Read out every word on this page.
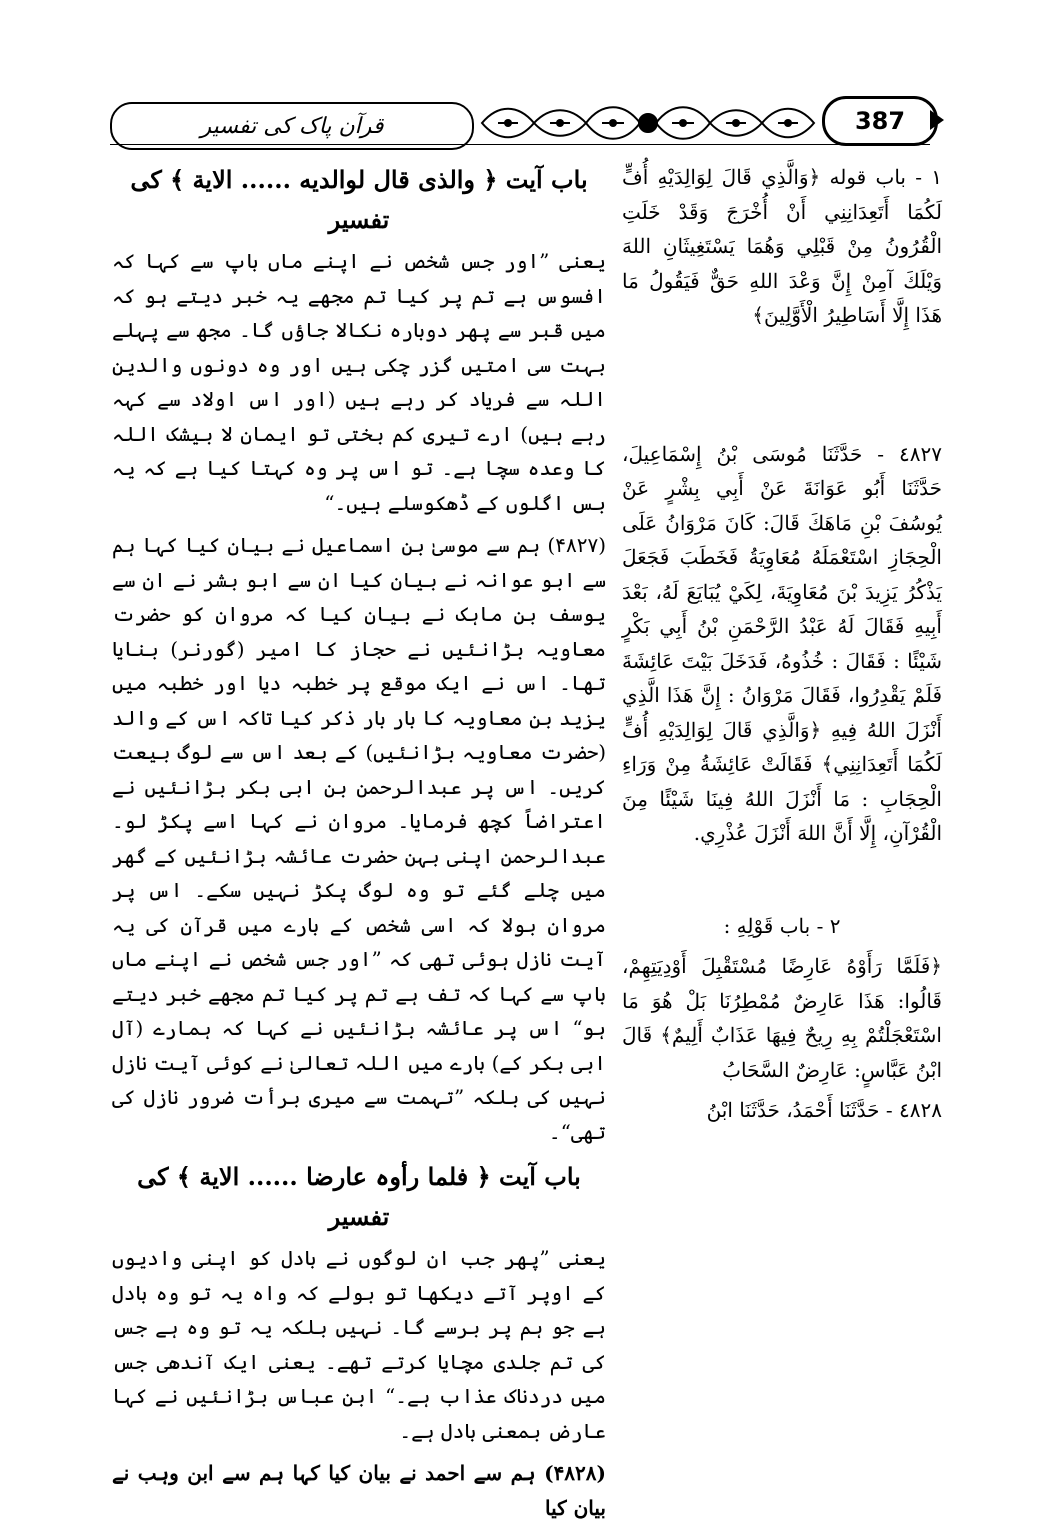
قرآن پاک کی تفسیر	387
باب آیت ﴿ والذی قال لوالدیه ...... الایة ﴾ کی تفسیر

یعنی ”اور جس شخص نے اپنے ماں باپ سے کہا کہ افسوس ہے تم پر کیا تم مجھے یہ خبر دیتے ہو کہ میں قبر سے پھر دوبارہ نکالا جاؤں گا۔ مجھ سے پہلے بہت سی امتیں گزر چکی ہیں اور وہ دونوں والدین اللہ سے فریاد کر رہے ہیں (اور اس اولاد سے کہہ رہے ہیں) ارے تیری کم بختی تو ایمان لا بیشک اللہ کا وعدہ سچا ہے۔ تو اس پر وہ کہتا کیا ہے کہ یہ بس اگلوں کے ڈھکوسلے ہیں۔“

(۴۸۲۷) ہم سے موسیٰ بن اسماعیل نے بیان کیا کہا ہم سے ابو عوانہ نے بیان کیا ان سے ابو بشر نے ان سے یوسف بن ماہک نے بیان کیا کہ مروان کو حضرت معاویہ بڑانئیں نے حجاز کا امیر (گورنر) بنایا تھا۔ اس نے ایک موقع پر خطبہ دیا اور خطبہ میں یزید بن معاویہ کا بار بار ذکر کیا تاکہ اس کے والد (حضرت معاویہ بڑانئیں) کے بعد اس سے لوگ بیعت کریں۔ اس پر عبدالرحمن بن ابی بکر بڑانئیں نے اعتراضاً کچھ فرمایا۔ مروان نے کہا اسے پکڑ لو۔ عبدالرحمن اپنی بہن حضرت عائشہ بڑانئیں کے گھر میں چلے گئے تو وہ لوگ پکڑ نہیں سکے۔ اس پر مروان بولا کہ اسی شخص کے بارے میں قرآن کی یہ آیت نازل ہوئی تھی کہ ”اور جس شخص نے اپنے ماں باپ سے کہا کہ تف ہے تم پر کیا تم مجھے خبر دیتے ہو“ اس پر عائشہ بڑانئیں نے کہا کہ ہمارے (آل ابی بکر کے) بارے میں اللہ تعالیٰ نے کوئی آیت نازل نہیں کی بلکہ ”تہمت سے میری برأت ضرور نازل کی تھی“۔

باب آیت ﴿ فلما رأوہ عارضا ...... الایة ﴾ کی تفسیر

یعنی ”پھر جب ان لوگوں نے بادل کو اپنی وادیوں کے اوپر آتے دیکھا تو بولے کہ واہ یہ تو وہ بادل ہے جو ہم پر برسے گا۔ نہیں بلکہ یہ تو وہ ہے جس کی تم جلدی مچایا کرتے تھے۔ یعنی ایک آندھی جس میں دردناک عذاب ہے۔“ ابن عباس بڑانئیں نے کہا عارض بمعنی بادل ہے۔

(۴۸۲۸) ہم سے احمد نے بیان کیا کہا ہم سے ابن وہب نے بیان کیا

١ - باب قوله ﴿وَالَّذِي قَالَ لِوَالِدَيْهِ أُفٍّ لَكُمَا أَتَعِدَانِنِي أَنْ أُخْرَجَ وَقَدْ خَلَتِ الْقُرُونُ مِنْ قَبْلِي وَهُمَا يَسْتَغِيثَانِ اللهَ وَيْلَكَ آمِنْ إِنَّ وَعْدَ اللهِ حَقٌّ فَيَقُولُ مَا هَذَا إِلَّا أَسَاطِيرُ الْأَوَّلِينَ﴾

٤٨٢٧ - حَدَّثَنَا مُوسَى بْنُ إِسْمَاعِيلَ، حَدَّثَنَا أَبُو عَوَانَةَ عَنْ أَبِي بِشْرٍ عَنْ يُوسُفَ بْنِ مَاهَكَ قَالَ: كَانَ مَرْوَانُ عَلَى الْحِجَازِ اسْتَعْمَلَهُ مُعَاوِيَةُ فَخَطَبَ فَجَعَلَ يَذْكُرُ يَزِيدَ بْنَ مُعَاوِيَةَ، لِكَيْ يُبَايَعَ لَهُ، بَعْدَ أَبِيهِ فَقَالَ لَهُ عَبْدُ الرَّحْمَنِ بْنُ أَبِي بَكْرٍ شَيْئًا : فَقَالَ : خُذُوهُ، فَدَخَلَ بَيْتَ عَائِشَةَ فَلَمْ يَقْدِرُوا، فَقَالَ مَرْوَانُ : إِنَّ هَذَا الَّذِي أَنْزَلَ اللهُ فِيهِ ﴿وَالَّذِي قَالَ لِوَالِدَيْهِ أُفٍّ لَكُمَا أَتَعِدَانِنِي﴾ فَقَالَتْ عَائِشَةُ مِنْ وَرَاءِ الْحِجَابِ : مَا أَنْزَلَ اللهُ فِينَا شَيْئًا مِنَ الْقُرْآنِ، إِلَّا أَنَّ اللهَ أَنْزَلَ عُذْرِي.

٢ - باب قَوْلِهِ :

﴿فَلَمَّا رَأَوْهُ عَارِضًا مُسْتَقْبِلَ أَوْدِيَتِهِمْ، قَالُوا: هَذَا عَارِضٌ مُمْطِرُنَا بَلْ هُوَ مَا اسْتَعْجَلْتُمْ بِهِ رِيحٌ فِيهَا عَذَابٌ أَلِيمٌ﴾ قَالَ ابْنُ عَبَّاسٍ: عَارِضٌ السَّحَابُ

٤٨٢٨ - حَدَّثَنَا أَحْمَدُ، حَدَّثَنَا ابْنُ
